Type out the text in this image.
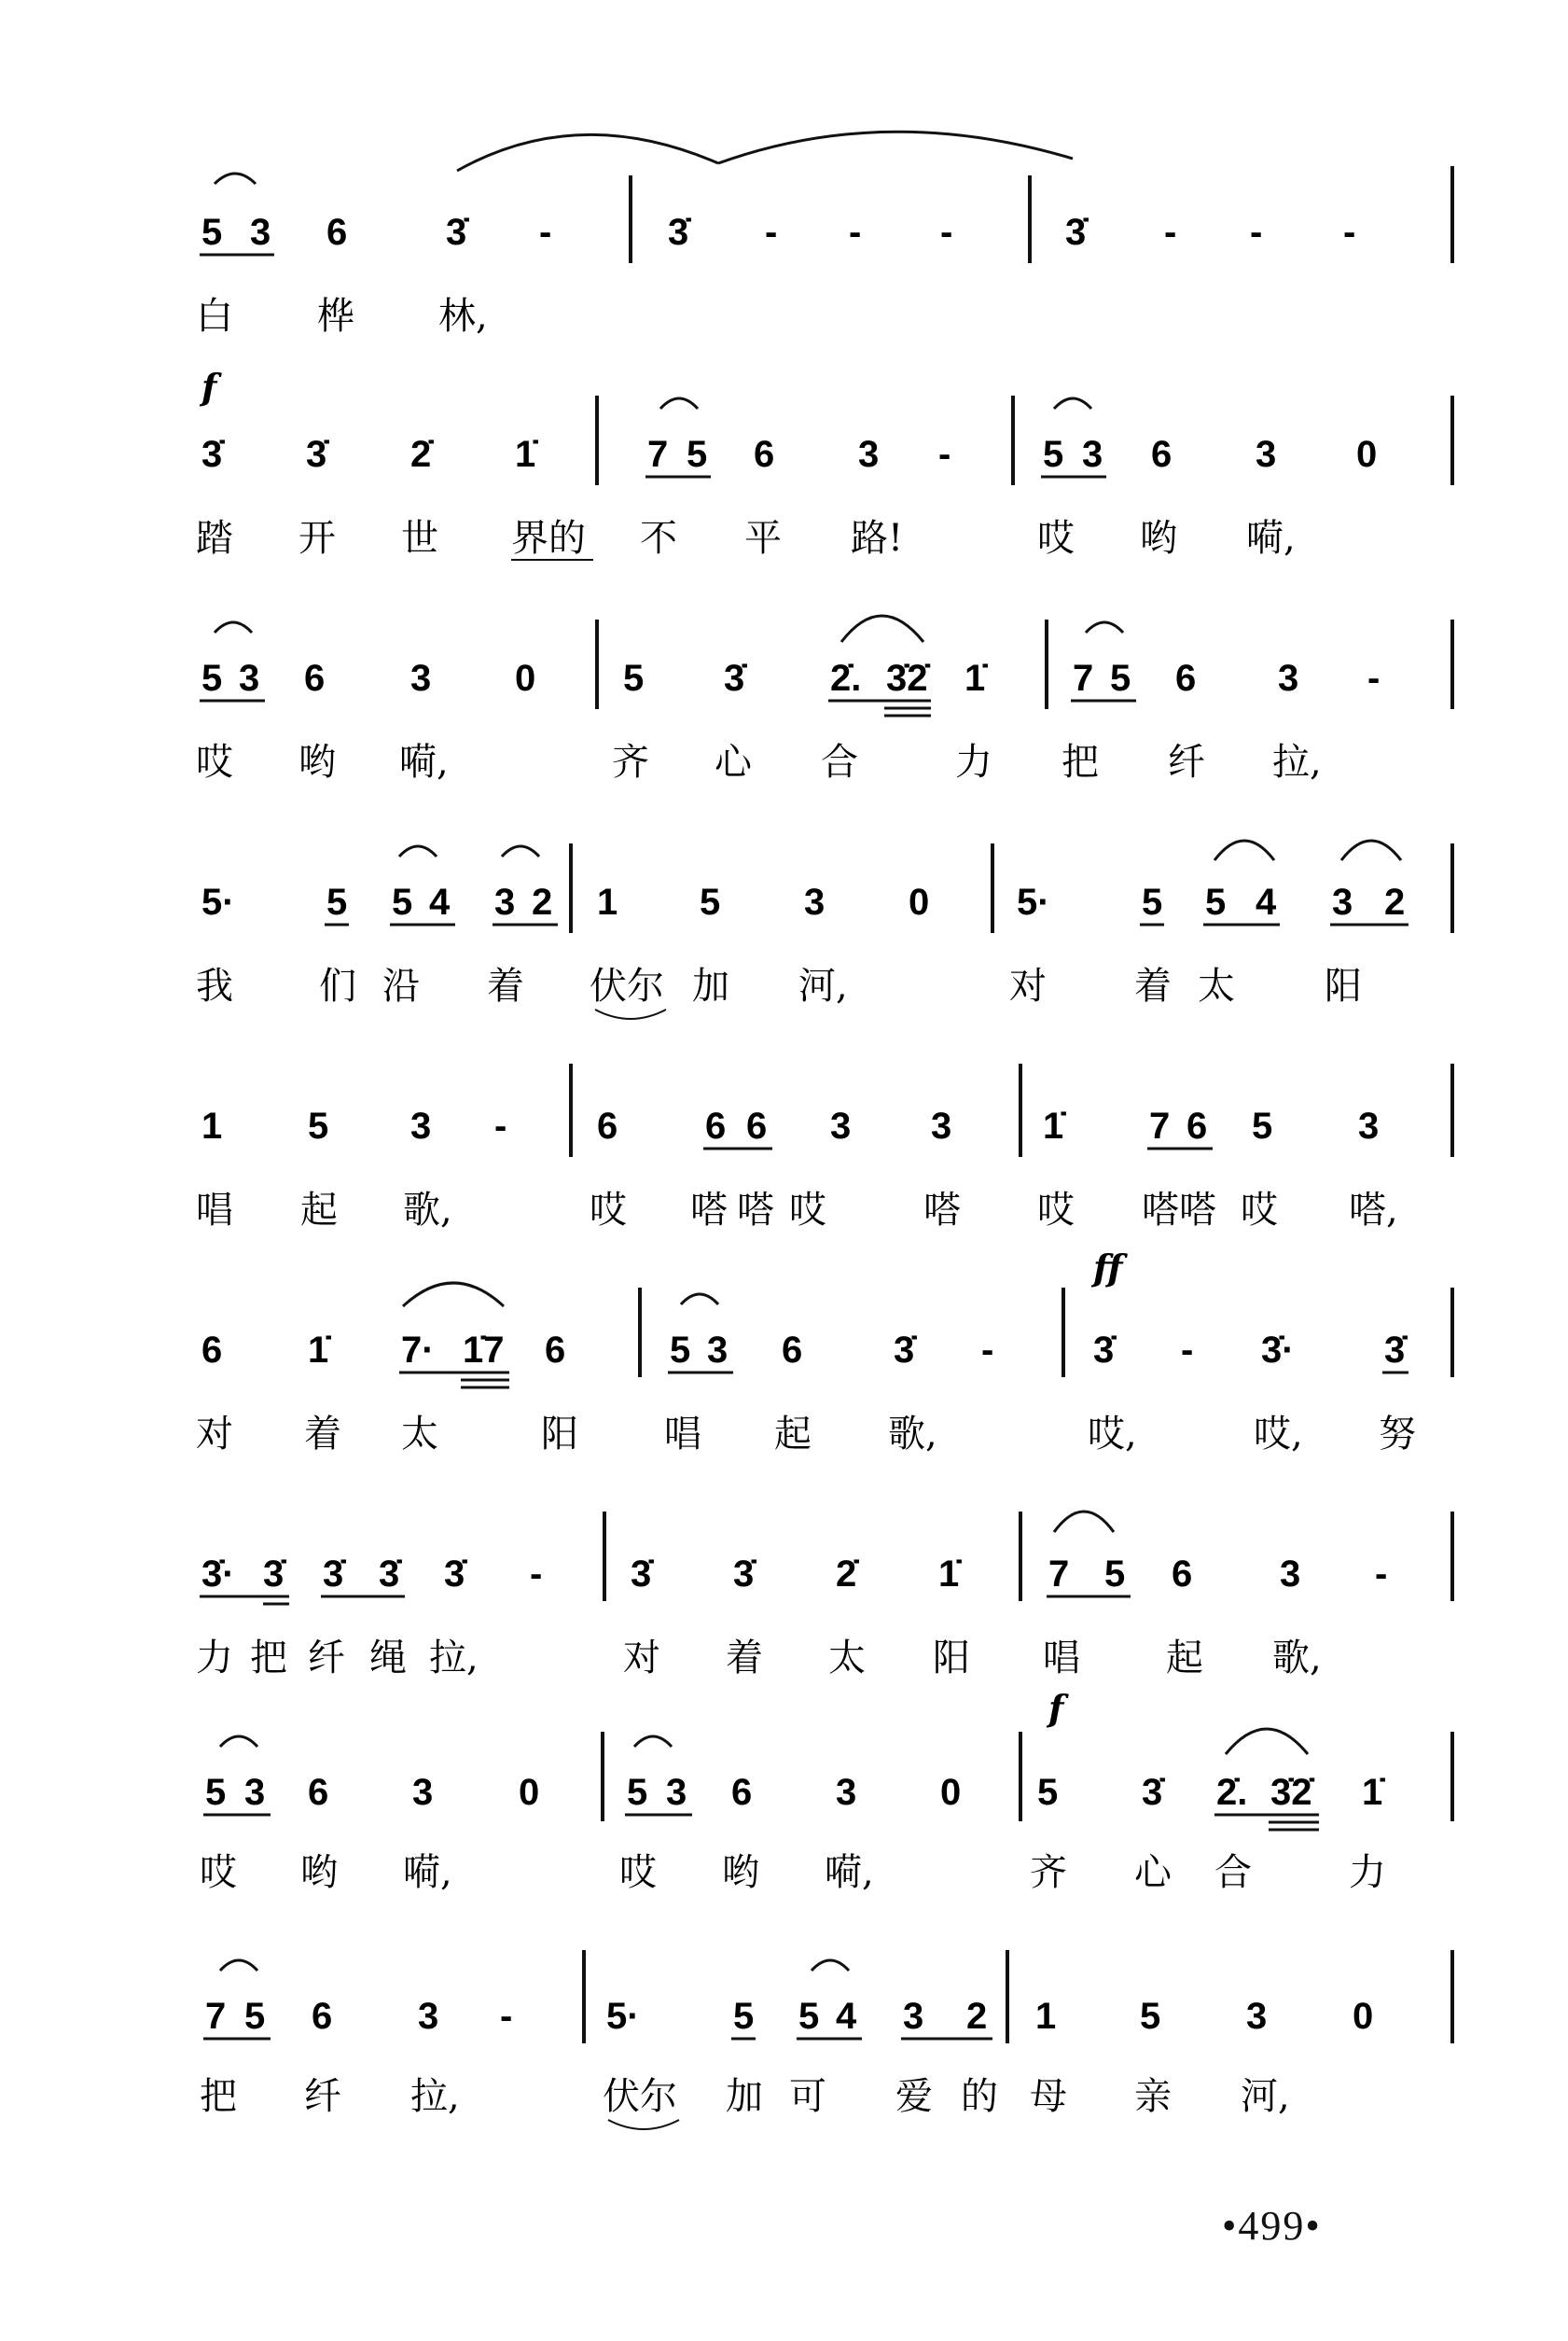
5 3 6	3̇ -	3̇ - - -	3̇ - - -
白 桦 林,
f
3̇ 3̇ 2̇ 1̇	7 5 6 3 - 5 3 6 3 0
踏 开 世 界的 不 平 路!	哎 哟 嗬,
5 3 6 3 0 5 3̇ 2̇. 3̇2̇ 1̇ 7 5 6 3 -
哎 哟 嗬,	齐 心 合	力 把 纤 拉,
5· 5 5 4 3 2 1 5 3 0 5· 5 5 4 3 2
我 们 沿 着 伏尔 加 河,	对 着 太 阳
1 5 3 - 6 6 6 3 3 1̇ 7 6 5 3
唱 起 歌,	哎 嗒 嗒 哎	嗒 哎 嗒嗒 哎 嗒,
ff
6 1̇ 7· 1̇7 6	5 3 6 3̇ -	3̇ - 3̇· 3̇
对 着 太	阳 唱 起 歌,	哎,	哎, 努
3̇· 3̇ 3̇ 3̇ 3̇ - 3̇ 3̇ 2̇ 1̇ 7 5 6 3 -
力 把 纤 绳 拉,	对 着 太 阳 唱 起 歌,
f
5 3 6 3 0 5 3 6 3 0 5 3̇ 2̇. 3̇2̇ 1̇
哎 哟 嗬,	哎 哟 嗬,	齐 心 合	力
7 5 6 3 -	5·	5 5 4 3 2 1 5 3 0
把 纤 拉,	伏尔 加 可 爱 的 母 亲 河,
•499•
